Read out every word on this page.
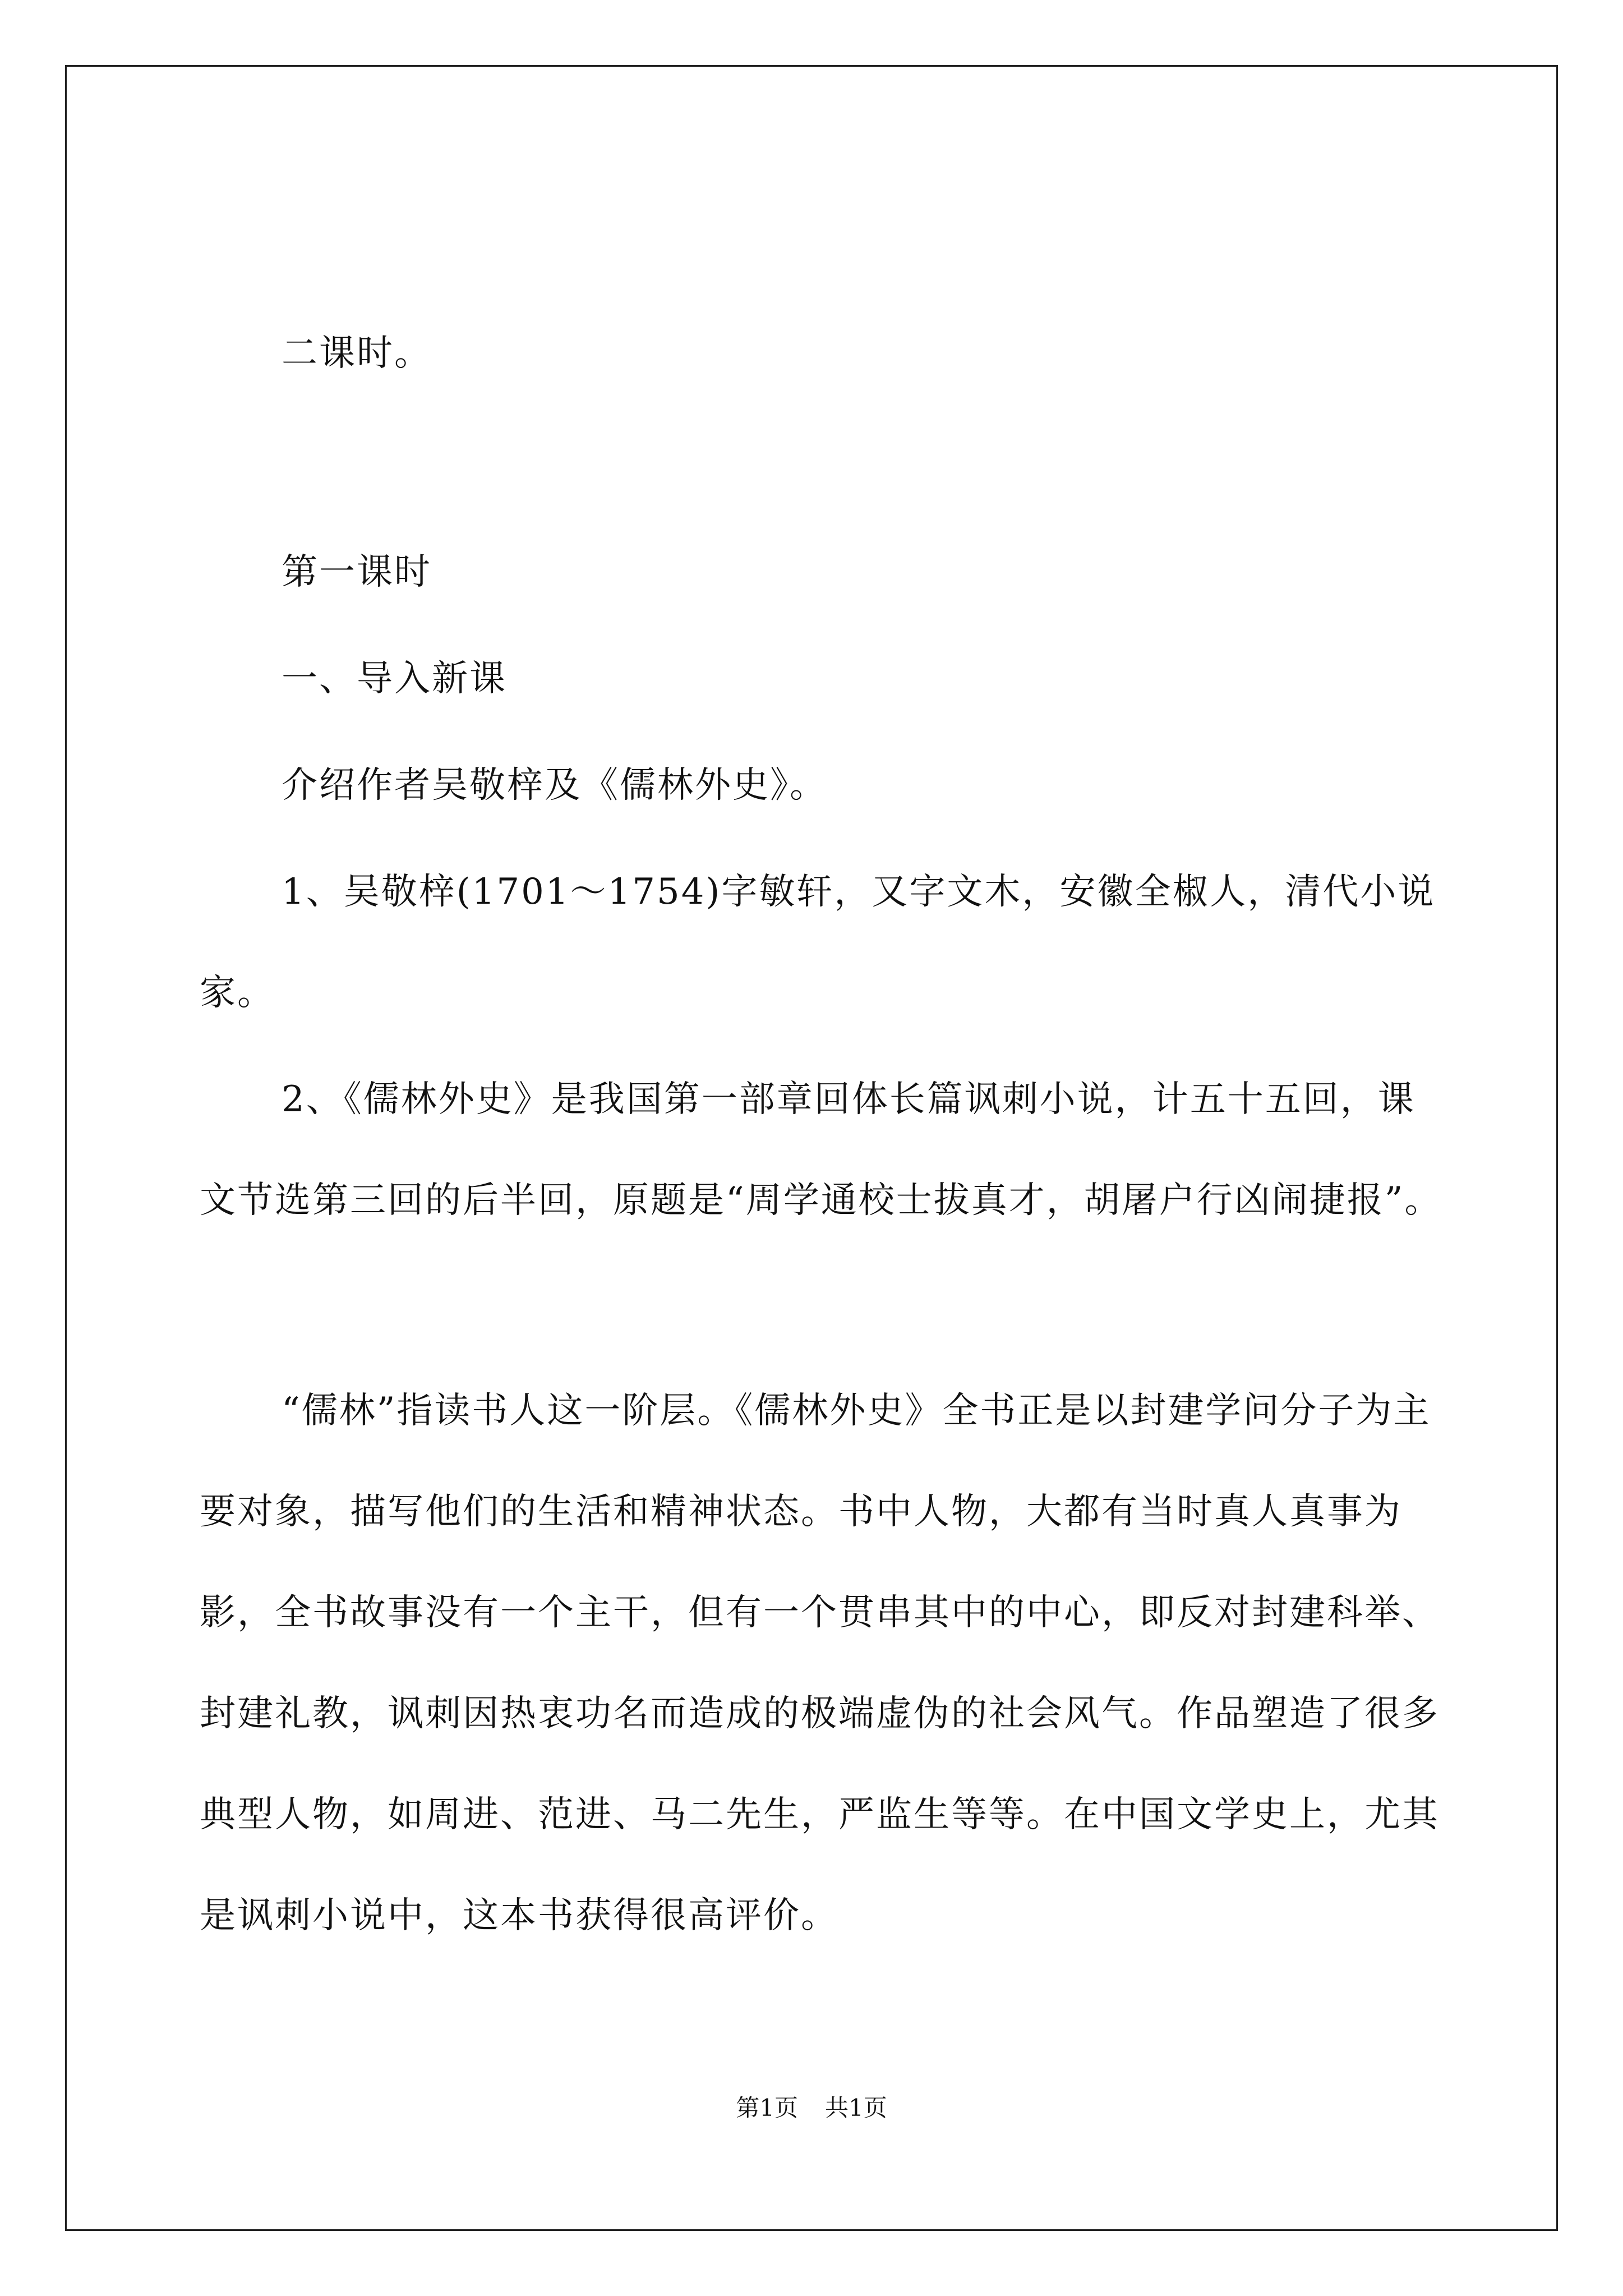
二课时。

第一课时

一、导入新课

介绍作者吴敬梓及《儒林外史》。

1、吴敬梓(1701～1754)字敏轩，又字文木，安徽全椒人，清代小说家。

2、《儒林外史》是我国第一部章回体长篇讽刺小说，计五十五回，课文节选第三回的后半回，原题是“周学通校士拔真才，胡屠户行凶闹捷报”。

“儒林”指读书人这一阶层。《儒林外史》全书正是以封建学问分子为主要对象，描写他们的生活和精神状态。书中人物，大都有当时真人真事为影，全书故事没有一个主干，但有一个贯串其中的中心，即反对封建科举、封建礼教，讽刺因热衷功名而造成的极端虚伪的社会风气。作品塑造了很多典型人物，如周进、范进、马二先生，严监生等等。在中国文学史上，尤其是讽刺小说中，这本书获得很高评价。

第1页 共1页
